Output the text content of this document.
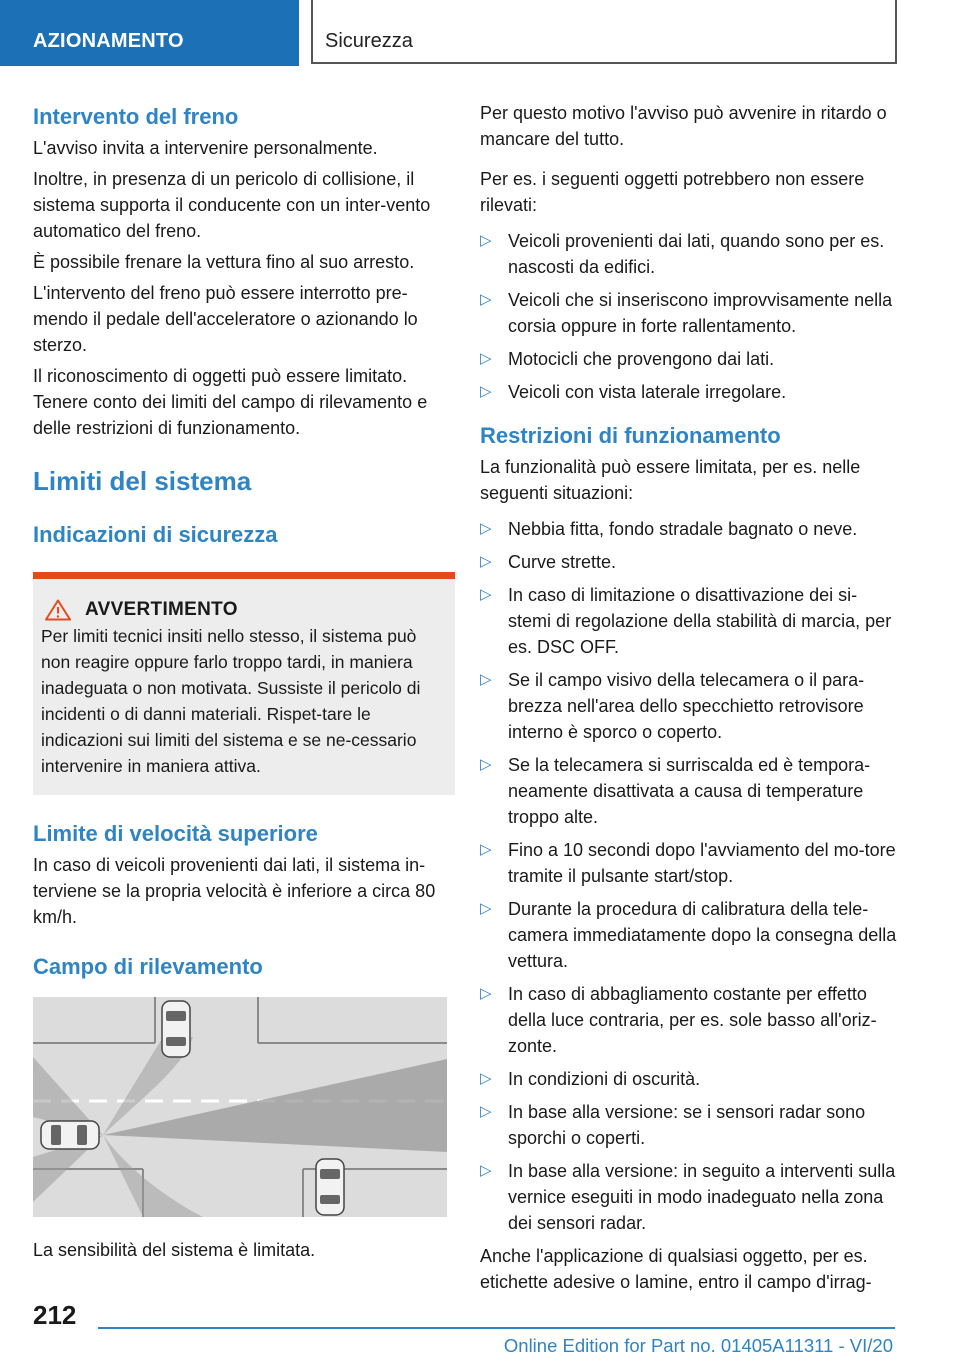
AZIONAMENTO	Sicurezza
Intervento del freno

L'avviso invita a intervenire personalmente.

Inoltre, in presenza di un pericolo di collisione, il sistema supporta il conducente con un inter-vento automatico del freno.

È possibile frenare la vettura fino al suo arresto.

L'intervento del freno può essere interrotto pre-mendo il pedale dell'acceleratore o azionando lo sterzo.

Il riconoscimento di oggetti può essere limitato. Tenere conto dei limiti del campo di rilevamento e delle restrizioni di funzionamento.

Limiti del sistema
Indicazioni di sicurezza
AVVERTIMENTO

Per limiti tecnici insiti nello stesso, il sistema può non reagire oppure farlo troppo tardi, in maniera inadeguata o non motivata. Sussiste il pericolo di incidenti o di danni materiali. Rispet-tare le indicazioni sui limiti del sistema e se ne-cessario intervenire in maniera attiva.

Limite di velocità superiore

In caso di veicoli provenienti dai lati, il sistema in-terviene se la propria velocità è inferiore a circa 80 km/h.

Campo di rilevamento

La sensibilità del sistema è limitata.

Per questo motivo l'avviso può avvenire in ritardo o mancare del tutto.

Per es. i seguenti oggetti potrebbero non essere rilevati:

▷ Veicoli provenienti dai lati, quando sono per es. nascosti da edifici.
▷ Veicoli che si inseriscono improvvisamente nella corsia oppure in forte rallentamento.
▷ Motocicli che provengono dai lati.
▷ Veicoli con vista laterale irregolare.
Restrizioni di funzionamento

La funzionalità può essere limitata, per es. nelle seguenti situazioni:

▷ Nebbia fitta, fondo stradale bagnato o neve.
▷ Curve strette.
▷ In caso di limitazione o disattivazione dei si-stemi di regolazione della stabilità di marcia, per es. DSC OFF.
▷ Se il campo visivo della telecamera o il para-brezza nell'area dello specchietto retrovisore interno è sporco o coperto.
▷ Se la telecamera si surriscalda ed è tempora-neamente disattivata a causa di temperature troppo alte.
▷ Fino a 10 secondi dopo l'avviamento del mo-tore tramite il pulsante start/stop.
▷ Durante la procedura di calibratura della tele-camera immediatamente dopo la consegna della vettura.
▷ In caso di abbagliamento costante per effetto della luce contraria, per es. sole basso all'oriz-zonte.
▷ In condizioni di oscurità.
▷ In base alla versione: se i sensori radar sono sporchi o coperti.
▷ In base alla versione: in seguito a interventi sulla vernice eseguiti in modo inadeguato nella zona dei sensori radar.

Anche l'applicazione di qualsiasi oggetto, per es. etichette adesive o lamine, entro il campo d'irrag-

212
Online Edition for Part no. 01405A11311 - VI/20
